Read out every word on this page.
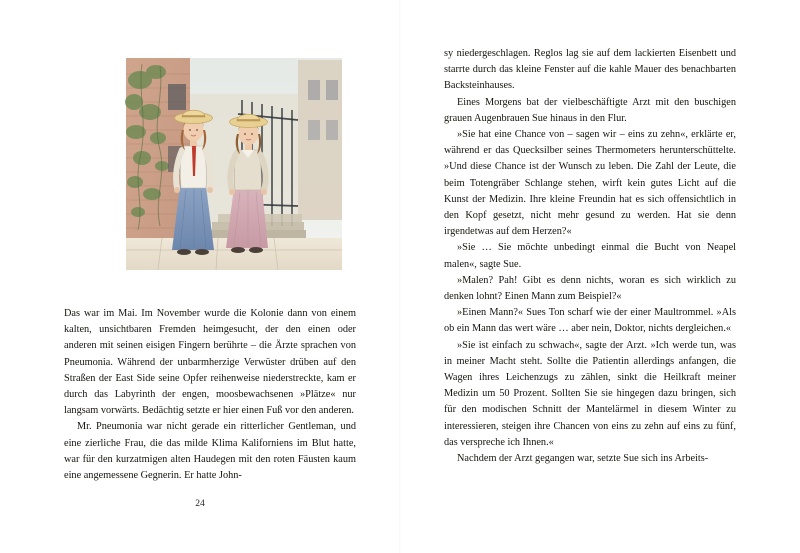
Das war im Mai. Im November wurde die Kolonie dann von einem kalten, unsichtbaren Fremden heimgesucht, der den einen oder anderen mit seinen eisigen Fingern berührte – die Ärzte sprachen von Pneumonia. Während der unbarmherzige Verwüster drüben auf den Straßen der East Side seine Opfer reihenweise niederstreckte, kam er durch das Labyrinth der engen, moosbewachsenen »Plätze« nur langsam vorwärts. Bedächtig setzte er hier einen Fuß vor den anderen.

Mr. Pneumonia war nicht gerade ein ritterlicher Gentleman, und eine zierliche Frau, die das milde Klima Kaliforniens im Blut hatte, war für den kurzatmigen alten Haudegen mit den roten Fäusten kaum eine angemessene Gegnerin. Er hatte John-

24

sy niedergeschlagen. Reglos lag sie auf dem lackierten Eisenbett und starrte durch das kleine Fenster auf die kahle Mauer des benachbarten Backsteinhauses.

Eines Morgens bat der vielbeschäftigte Arzt mit den buschigen grauen Augenbrauen Sue hinaus in den Flur.

»Sie hat eine Chance von – sagen wir – eins zu zehn«, erklärte er, während er das Quecksilber seines Thermometers herunterschüttelte. »Und diese Chance ist der Wunsch zu leben. Die Zahl der Leute, die beim Totengräber Schlange stehen, wirft kein gutes Licht auf die Kunst der Medizin. Ihre kleine Freundin hat es sich offensichtlich in den Kopf gesetzt, nicht mehr gesund zu werden. Hat sie denn irgendetwas auf dem Herzen?«

»Sie … Sie möchte unbedingt einmal die Bucht von Neapel malen«, sagte Sue.

»Malen? Pah! Gibt es denn nichts, woran es sich wirklich zu denken lohnt? Einen Mann zum Beispiel?«

»Einen Mann?« Sues Ton scharf wie der einer Maultrommel. »Als ob ein Mann das wert wäre … aber nein, Doktor, nichts dergleichen.«

»Sie ist einfach zu schwach«, sagte der Arzt. »Ich werde tun, was in meiner Macht steht. Sollte die Patientin allerdings anfangen, die Wagen ihres Leichenzugs zu zählen, sinkt die Heilkraft meiner Medizin um 50 Prozent. Sollten Sie sie hingegen dazu bringen, sich für den modischen Schnitt der Mantelärmel in diesem Winter zu interessieren, steigen ihre Chancen von eins zu zehn auf eins zu fünf, das verspreche ich Ihnen.«

Nachdem der Arzt gegangen war, setzte Sue sich ins Arbeits-
